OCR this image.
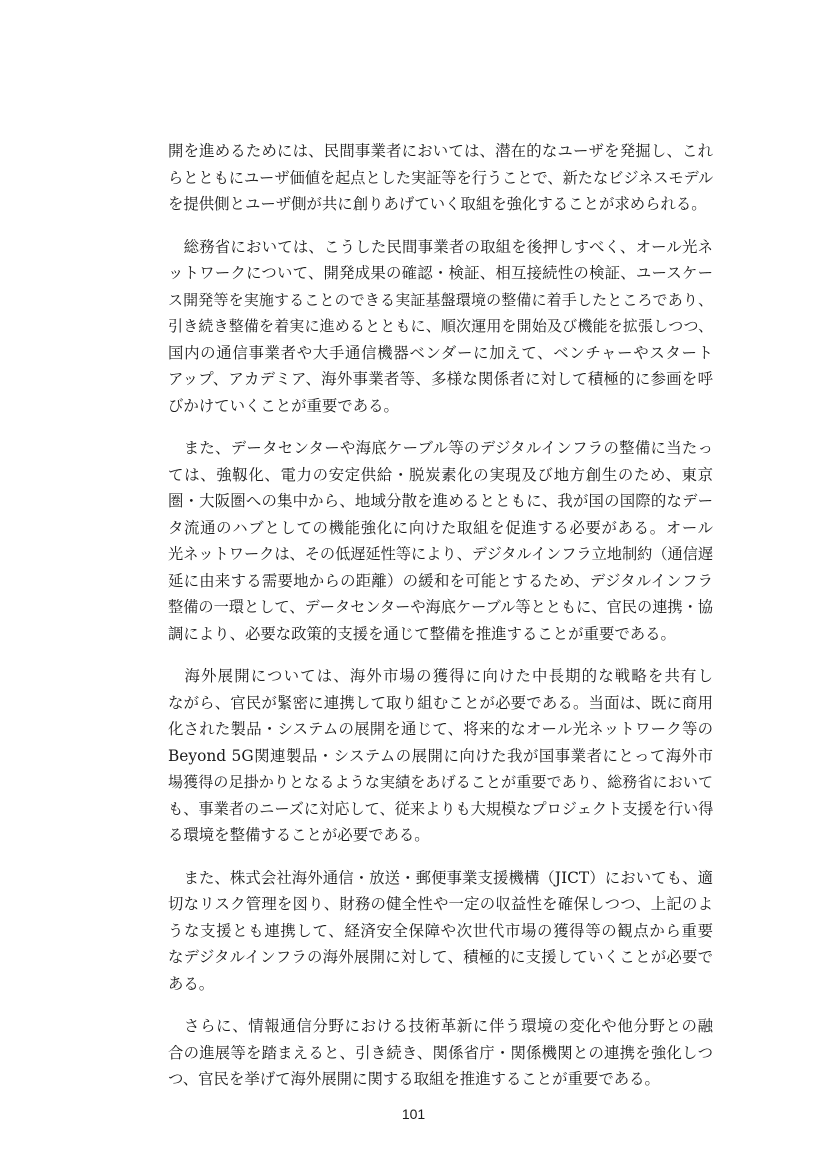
開を進めるためには、民間事業者においては、潜在的なユーザを発掘し、これ
らとともにユーザ価値を起点とした実証等を行うことで、新たなビジネスモデル
を提供側とユーザ側が共に創りあげていく取組を強化することが求められる。
　総務省においては、こうした民間事業者の取組を後押しすべく、オール光ネ
ットワークについて、開発成果の確認・検証、相互接続性の検証、ユースケー
ス開発等を実施することのできる実証基盤環境の整備に着手したところであり、
引き続き整備を着実に進めるとともに、順次運用を開始及び機能を拡張しつつ、
国内の通信事業者や大手通信機器ベンダーに加えて、ベンチャーやスタート
アップ、アカデミア、海外事業者等、多様な関係者に対して積極的に参画を呼
びかけていくことが重要である。
　また、データセンターや海底ケーブル等のデジタルインフラの整備に当たっ
ては、強靱化、電力の安定供給・脱炭素化の実現及び地方創生のため、東京
圏・大阪圏への集中から、地域分散を進めるとともに、我が国の国際的なデー
タ流通のハブとしての機能強化に向けた取組を促進する必要がある。オール
光ネットワークは、その低遅延性等により、デジタルインフラ立地制約（通信遅
延に由来する需要地からの距離）の緩和を可能とするため、デジタルインフラ
整備の一環として、データセンターや海底ケーブル等とともに、官民の連携・協
調により、必要な政策的支援を通じて整備を推進することが重要である。
　海外展開については、海外市場の獲得に向けた中長期的な戦略を共有し
ながら、官民が緊密に連携して取り組むことが必要である。当面は、既に商用
化された製品・システムの展開を通じて、将来的なオール光ネットワーク等の
Beyond 5G関連製品・システムの展開に向けた我が国事業者にとって海外市
場獲得の足掛かりとなるような実績をあげることが重要であり、総務省において
も、事業者のニーズに対応して、従来よりも大規模なプロジェクト支援を行い得
る環境を整備することが必要である。
　また、株式会社海外通信・放送・郵便事業支援機構（JICT）においても、適
切なリスク管理を図り、財務の健全性や一定の収益性を確保しつつ、上記のよ
うな支援とも連携して、経済安全保障や次世代市場の獲得等の観点から重要
なデジタルインフラの海外展開に対して、積極的に支援していくことが必要で
ある。
　さらに、情報通信分野における技術革新に伴う環境の変化や他分野との融
合の進展等を踏まえると、引き続き、関係省庁・関係機関との連携を強化しつ
つ、官民を挙げて海外展開に関する取組を推進することが重要である。
101
